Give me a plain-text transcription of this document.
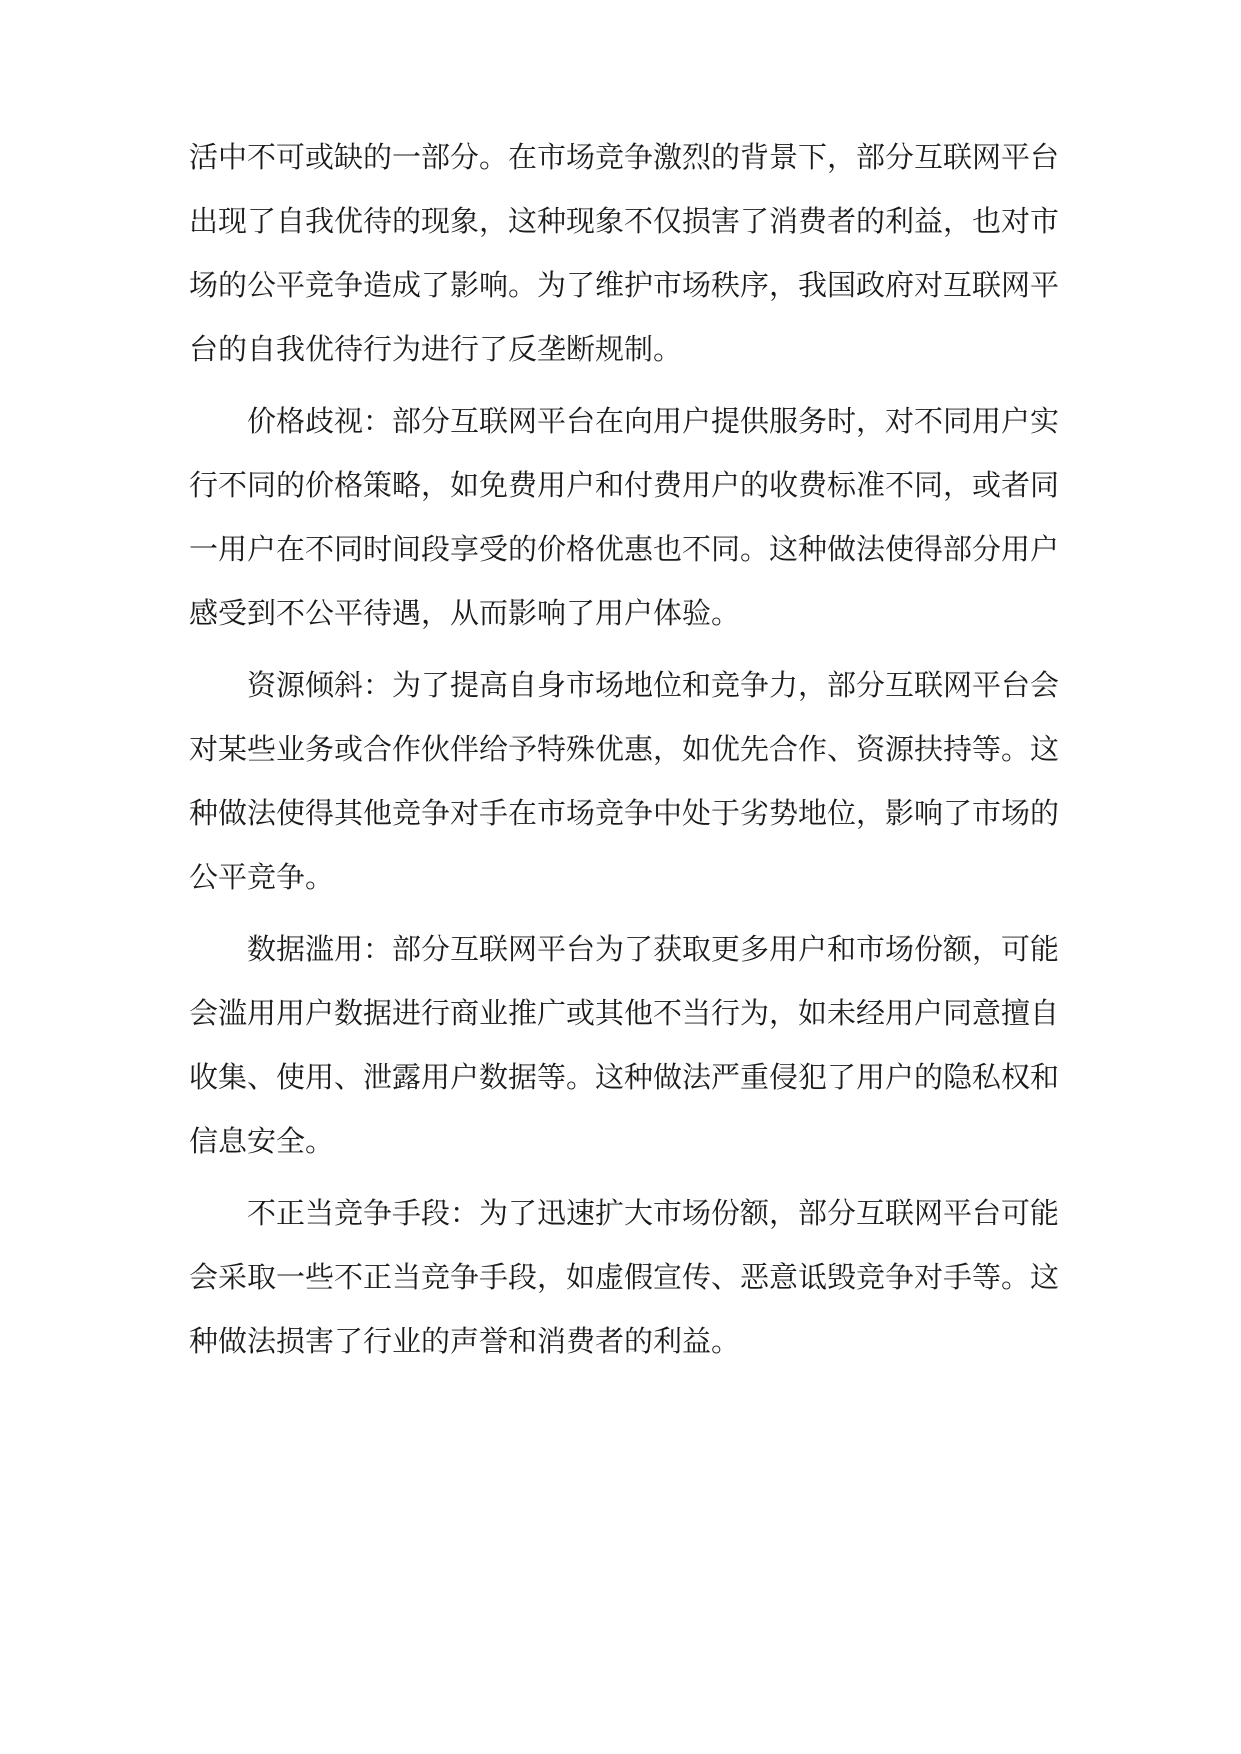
活中不可或缺的一部分。在市场竞争激烈的背景下，部分互联网平台
出现了自我优待的现象，这种现象不仅损害了消费者的利益，也对市
场的公平竞争造成了影响。为了维护市场秩序，我国政府对互联网平
台的自我优待行为进行了反垄断规制。
价格歧视：部分互联网平台在向用户提供服务时，对不同用户实
行不同的价格策略，如免费用户和付费用户的收费标准不同，或者同
一用户在不同时间段享受的价格优惠也不同。这种做法使得部分用户
感受到不公平待遇，从而影响了用户体验。
资源倾斜：为了提高自身市场地位和竞争力，部分互联网平台会
对某些业务或合作伙伴给予特殊优惠，如优先合作、资源扶持等。这
种做法使得其他竞争对手在市场竞争中处于劣势地位，影响了市场的
公平竞争。
数据滥用：部分互联网平台为了获取更多用户和市场份额，可能
会滥用用户数据进行商业推广或其他不当行为，如未经用户同意擅自
收集、使用、泄露用户数据等。这种做法严重侵犯了用户的隐私权和
信息安全。
不正当竞争手段：为了迅速扩大市场份额，部分互联网平台可能
会采取一些不正当竞争手段，如虚假宣传、恶意诋毁竞争对手等。这
种做法损害了行业的声誉和消费者的利益。
